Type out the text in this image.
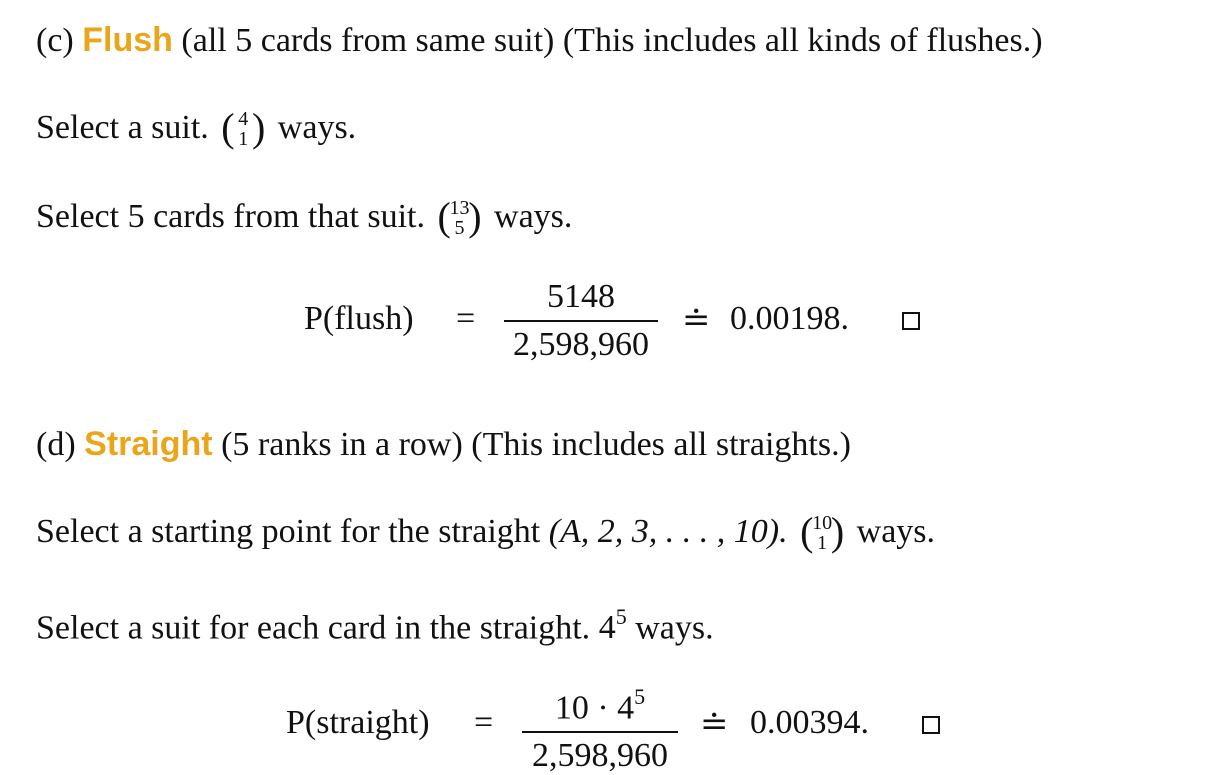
(c) Flush (all 5 cards from same suit) (This includes all kinds of flushes.)
Select a suit. ( 4
1 ) ways.
Select 5 cards from that suit. (
13
5 ) ways.
P(flush) =
5148
2,598,960
≐ 0.00198.
(d) Straight (5 ranks in a row) (This includes all straights.)
Select a starting point for the straight (A, 2, 3, . . . , 10). (
10
1 ) ways.
Select a suit for each card in the straight. $4^5$ ways.
P(straight) =	$10 \cdot 4^5$
2,598,960
≐ 0.00394.
